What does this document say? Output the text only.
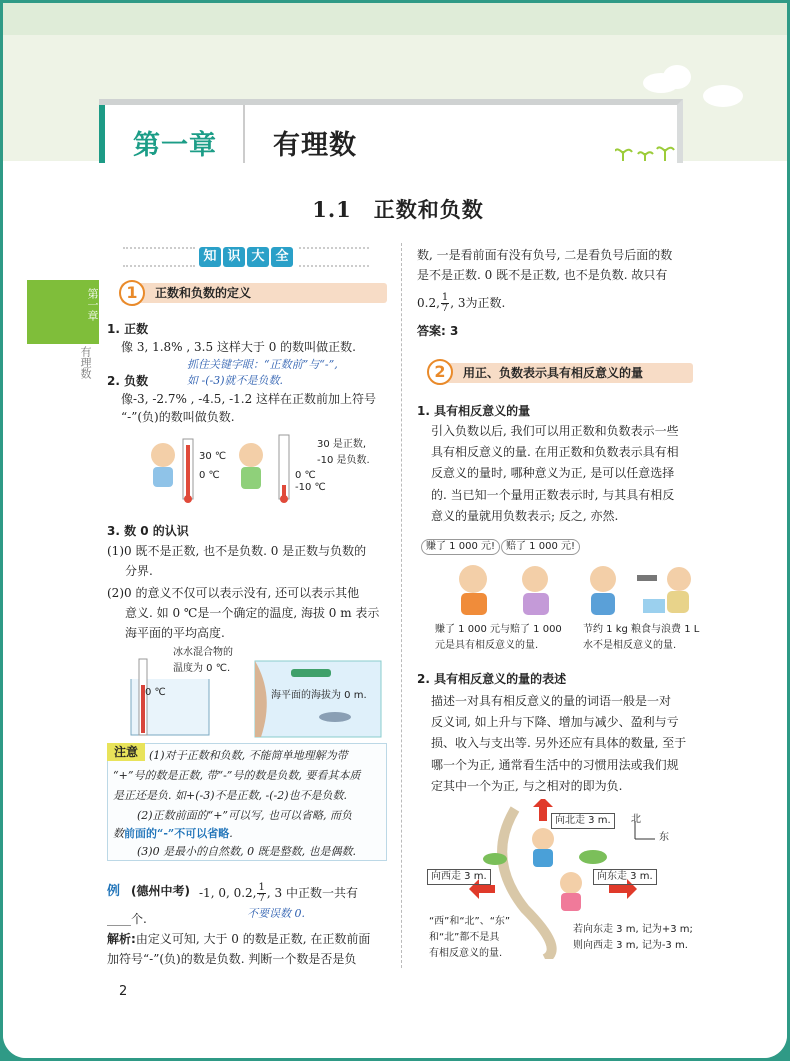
第一章 有理数
1.1　正数和负数
第一章
有理数
知 识 大 全
1	正数和负数的定义
1. 正数
像 3, 1.8% , 3.5 这样大于 0 的数叫做正数.
抓住关键字眼：“正数前”与“-”,
如 -(-3)就不是负数.
2. 负数
像-3, -2.7% , -4.5, -1.2 这样在正数前加上符号
“-”(负)的数叫做负数.
30 ℃
0 ℃	0 ℃
-10 ℃
30 是正数,
-10 是负数.
3. 数 0 的认识
(1)0 既不是正数, 也不是负数. 0 是正数与负数的
分界.
(2)0 的意义不仅可以表示没有, 还可以表示其他
意义. 如 0 ℃是一个确定的温度, 海拔 0 m 表示
海平面的平均高度.
冰水混合物的
温度为 0 ℃.
0 ℃	海平面的海拔为 0 m.
注意	(1)对于正数和负数, 不能简单地理解为带
“+”号的数是正数, 带“-”号的数是负数, 要看其本质
是正还是负. 如+(-3)不是正数, -(-2)也不是负数.
(2)正数前面的“+”可以写, 也可以省略, 而负
数前面的“-”不可以省略.
(3)0 是最小的自然数, 0 既是整数, 也是偶数.
例 (德州中考) -1, 0, 0.2, $\frac{1}{7}$ , 3 中正数一共有
____个.	不要误数 0.
解析:由定义可知, 大于 0 的数是正数, 在正数前面
加符号“-”(负)的数是负数. 判断一个数是否是负
2
数, 一是看前面有没有负号, 二是看负号后面的数
是不是正数. 0 既不是正数, 也不是负数. 故只有
0.2, $\frac{1}{7}$ , 3为正数.
答案: 3
2	用正、负数表示具有相反意义的量
1. 具有相反意义的量
引入负数以后, 我们可以用正数和负数表示一些
具有相反意义的量. 在用正数和负数表示具有相
反意义的量时, 哪种意义为正, 是可以任意选择
的. 当已知一个量用正数表示时, 与其具有相反
意义的量就用负数表示; 反之, 亦然.
赚了 1 000 元!	赔了 1 000 元!
赚了 1 000 元与赔了 1 000
元是具有相反意义的量.
节约 1 kg 粮食与浪费 1 L
水不是相反意义的量.
2. 具有相反意义的量的表述
描述一对具有相反意义的量的词语一般是一对
反义词, 如上升与下降、增加与减少、盈利与亏
损、收入与支出等. 另外还应有具体的数量, 至于
哪一个为正, 通常看生活中的习惯用法或我们规
定其中一个为正, 与之相对的即为负.
向北走 3 m.
向西走 3 m.	向东走 3 m.
北
东
“西”和“北”、“东”
和“北”都不是具
有相反意义的量.
若向东走 3 m, 记为+3 m;
则向西走 3 m, 记为-3 m.
